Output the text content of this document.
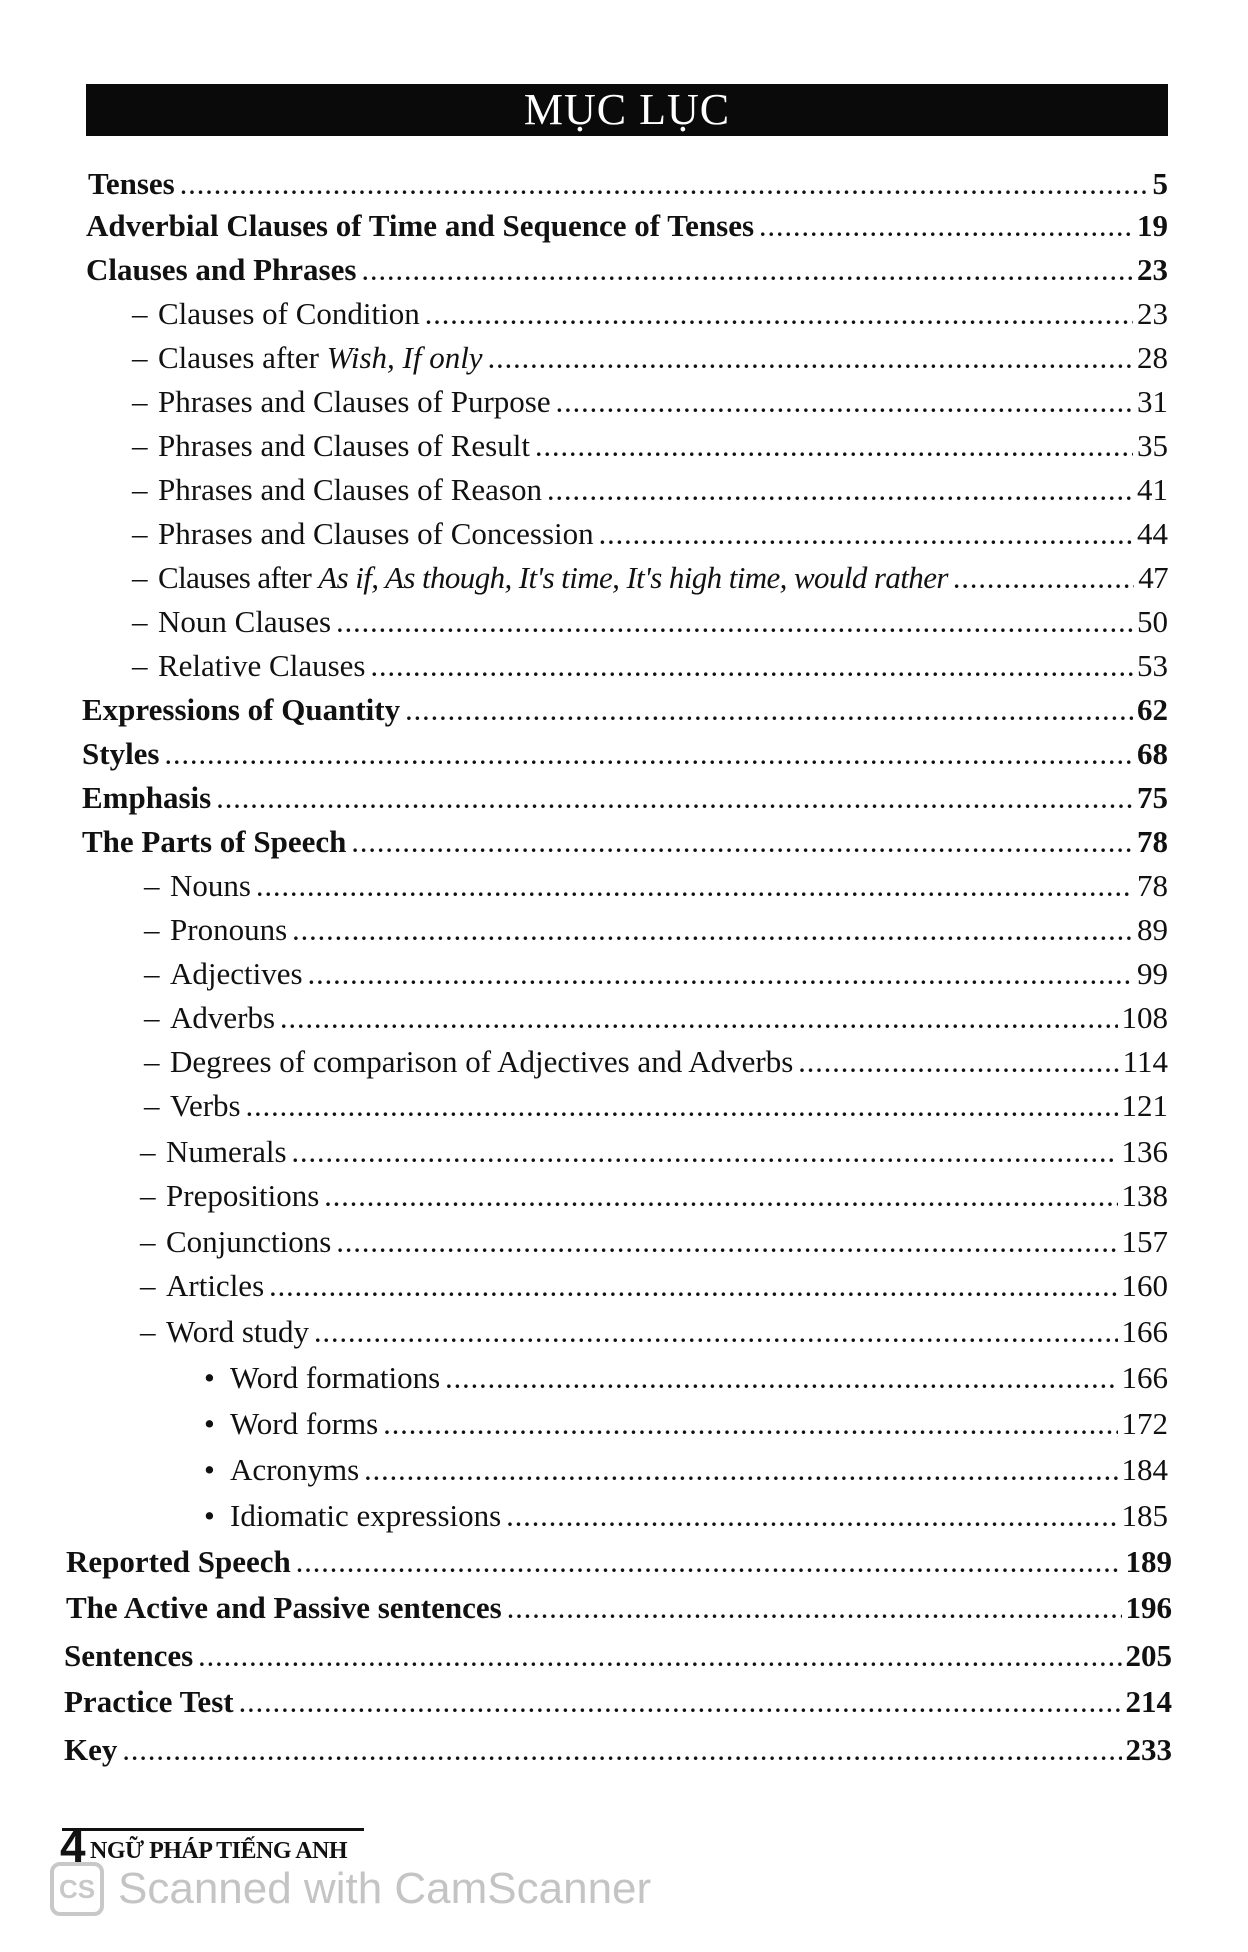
MỤC LỤC
Tenses .....	5
Adverbial Clauses of Time and Sequence of Tenses .....	19
Clauses and Phrases .....	23
– Clauses of Condition .....	23
– Clauses after Wish, If only .....	28
– Phrases and Clauses of Purpose .....	31
– Phrases and Clauses of Result .....	35
– Phrases and Clauses of Reason .....	41
– Phrases and Clauses of Concession .....	44
– Clauses after As if, As though, It's time, It's high time, would rather .....	47
– Noun Clauses .....	50
– Relative Clauses .....	53
Expressions of Quantity .....	62
Styles .....	68
Emphasis .....	75
The Parts of Speech .....	78
– Nouns .....	78
– Pronouns .....	89
– Adjectives .....	99
– Adverbs .....	108
– Degrees of comparison of Adjectives and Adverbs .....	114
– Verbs .....	121
– Numerals .....	136
– Prepositions .....	138
– Conjunctions .....	157
– Articles .....	160
– Word study .....	166
• Word formations .....	166
• Word forms .....	172
• Acronyms .....	184
• Idiomatic expressions .....	185
Reported Speech .....	189
The Active and Passive sentences .....	196
Sentences .....	205
Practice Test .....	214
Key .....	233
4 NGỮ PHÁP TIẾNG ANH
CS Scanned with CamScanner
